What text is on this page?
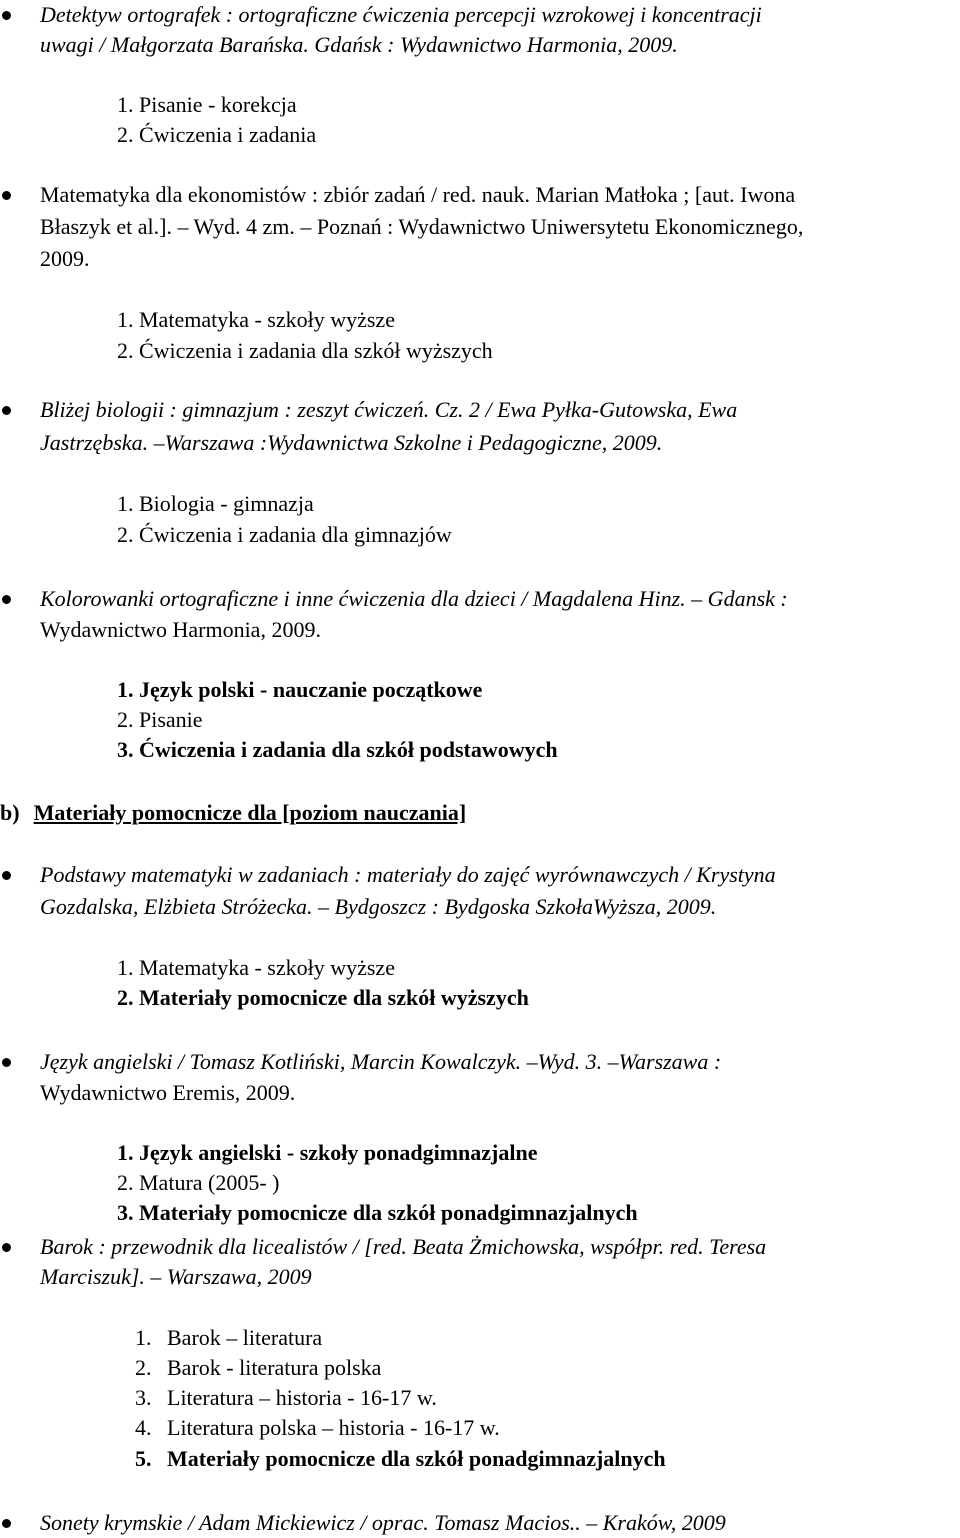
Detektyw ortografek : ortograficzne ćwiczenia percepcji wzrokowej i koncentracji
uwagi / Małgorzata Barańska. Gdańsk : Wydawnictwo Harmonia, 2009.
1. Pisanie - korekcja
2. Ćwiczenia i zadania
Matematyka dla ekonomistów : zbiór zadań / red. nauk. Marian Matłoka ; [aut. Iwona
Błaszyk et al.]. – Wyd. 4 zm. – Poznań : Wydawnictwo Uniwersytetu Ekonomicznego,
2009.
1. Matematyka - szkoły wyższe
2. Ćwiczenia i zadania dla szkół wyższych
Bliżej biologii : gimnazjum : zeszyt ćwiczeń. Cz. 2 / Ewa Pyłka-Gutowska, Ewa
Jastrzębska. –Warszawa :Wydawnictwa Szkolne i Pedagogiczne, 2009.
1. Biologia - gimnazja
2. Ćwiczenia i zadania dla gimnazjów
Kolorowanki ortograficzne i inne ćwiczenia dla dzieci / Magdalena Hinz. – Gdansk :
Wydawnictwo Harmonia, 2009.
1. Język polski - nauczanie początkowe
2. Pisanie
3. Ćwiczenia i zadania dla szkół podstawowych
b) Materiały pomocnicze dla [poziom nauczania]
Podstawy matematyki w zadaniach : materiały do zajęć wyrównawczych / Krystyna
Gozdalska, Elżbieta Stróżecka. – Bydgoszcz : Bydgoska SzkołaWyższa, 2009.
1. Matematyka - szkoły wyższe
2. Materiały pomocnicze dla szkół wyższych
Język angielski / Tomasz Kotliński, Marcin Kowalczyk. –Wyd. 3. –Warszawa :
Wydawnictwo Eremis, 2009.
1. Język angielski - szkoły ponadgimnazjalne
2. Matura (2005- )
3. Materiały pomocnicze dla szkół ponadgimnazjalnych
Barok : przewodnik dla licealistów / [red. Beata Żmichowska, współpr. red. Teresa
Marciszuk]. – Warszawa, 2009
1. Barok – literatura
2. Barok - literatura polska
3. Literatura – historia - 16-17 w.
4. Literatura polska – historia - 16-17 w.
5. Materiały pomocnicze dla szkół ponadgimnazjalnych
Sonety krymskie / Adam Mickiewicz / oprac. Tomasz Macios.. – Kraków, 2009
